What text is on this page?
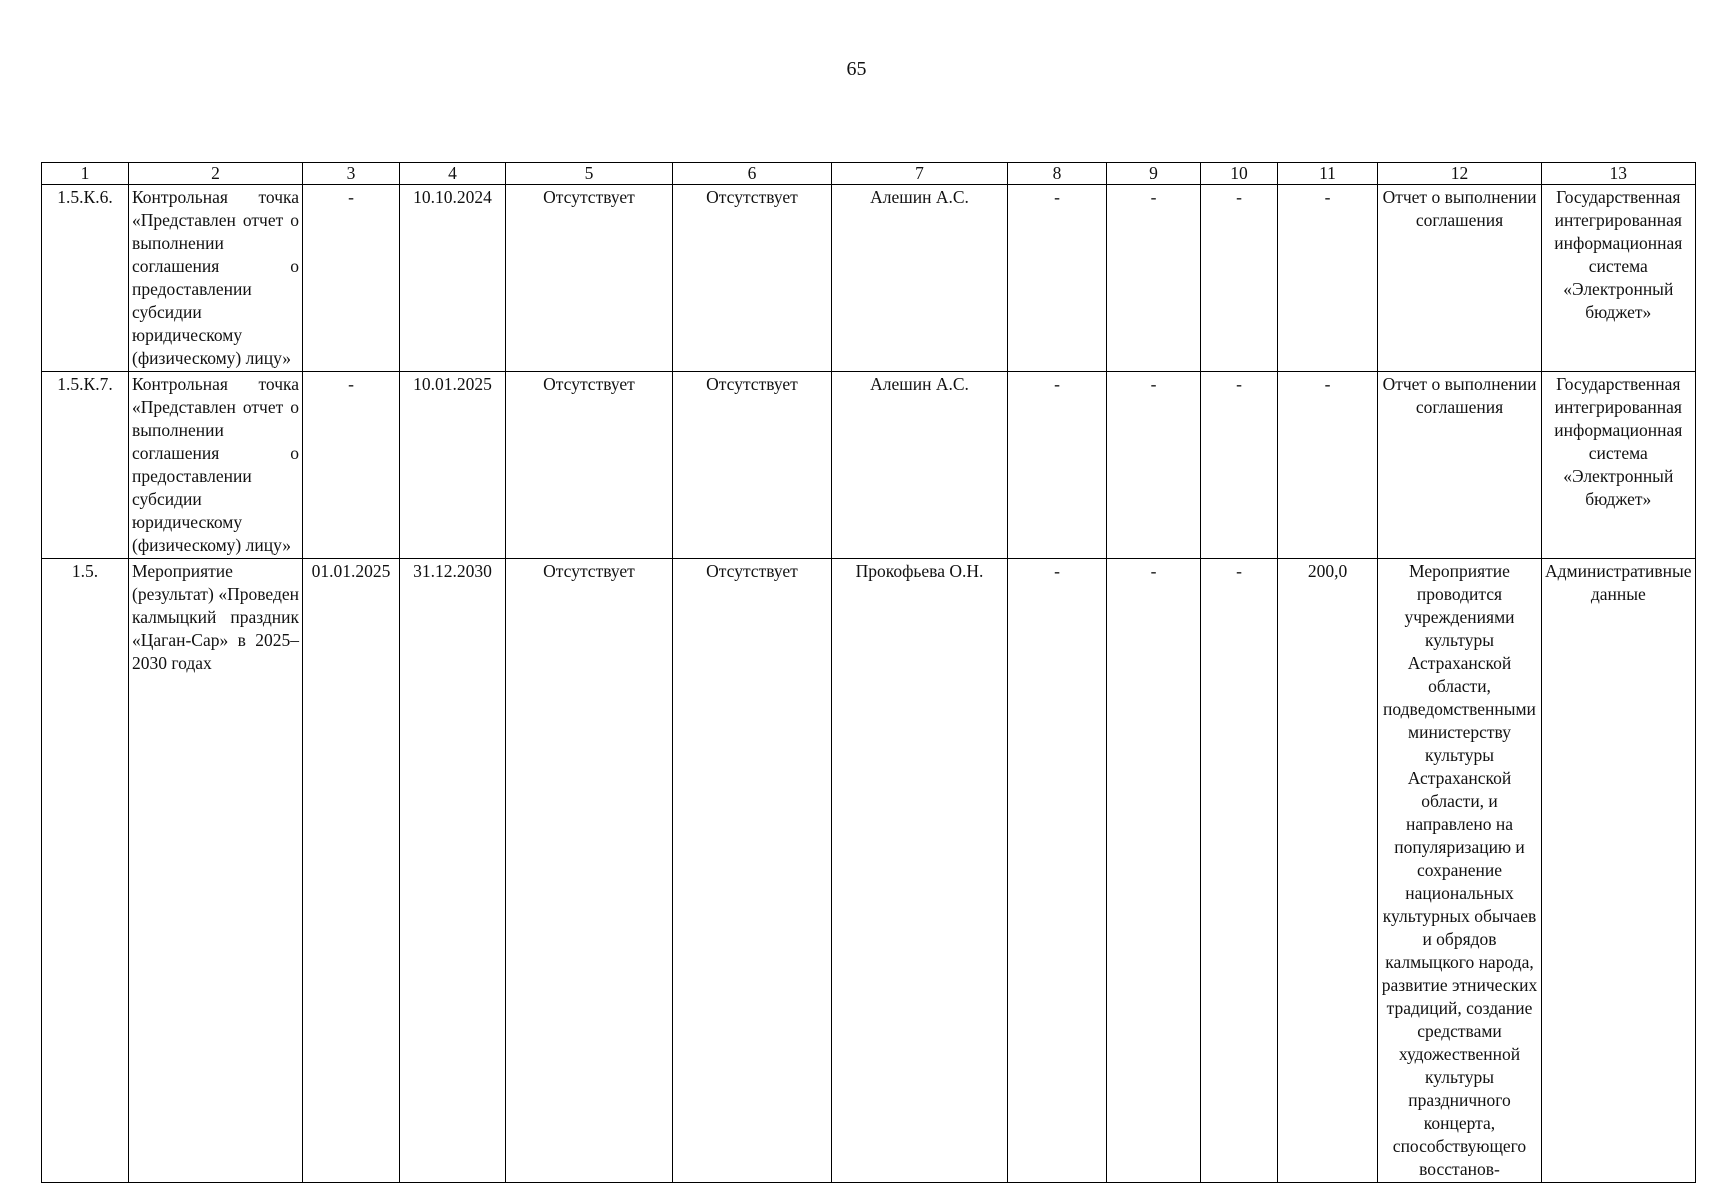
65
1	2	3	4	5	6	7	8	9	10	11	12	13
1.5.К.6.	Контрольная точка «Представлен отчет о выполнении соглашения о предоставлении субсидии юридическому (физическому) лицу»	-	10.10.2024	Отсутствует	Отсутствует	Алешин А.С.	-	-	-	-	Отчет о выполнении соглашения	Государственная интегрированная информационная система «Электронный бюджет»
1.5.К.7.	Контрольная точка «Представлен отчет о выполнении соглашения о предоставлении субсидии юридическому (физическому) лицу»	-	10.01.2025	Отсутствует	Отсутствует	Алешин А.С.	-	-	-	-	Отчет о выполнении соглашения	Государственная интегрированная информационная система «Электронный бюджет»
1.5.	Мероприятие (результат) «Проведен калмыцкий праздник «Цаган-Сар» в 2025–2030 годах	01.01.2025	31.12.2030	Отсутствует	Отсутствует	Прокофьева О.Н.	-	-	-	200,0	Мероприятие проводится учреждениями культуры Астраханской области, подведомственными министерству культуры Астраханской области, и направлено на популяризацию и сохранение национальных культурных обычаев и обрядов калмыцкого народа, развитие этнических традиций, создание средствами художественной культуры праздничного концерта, способствующего восстанов-	Административные данные
